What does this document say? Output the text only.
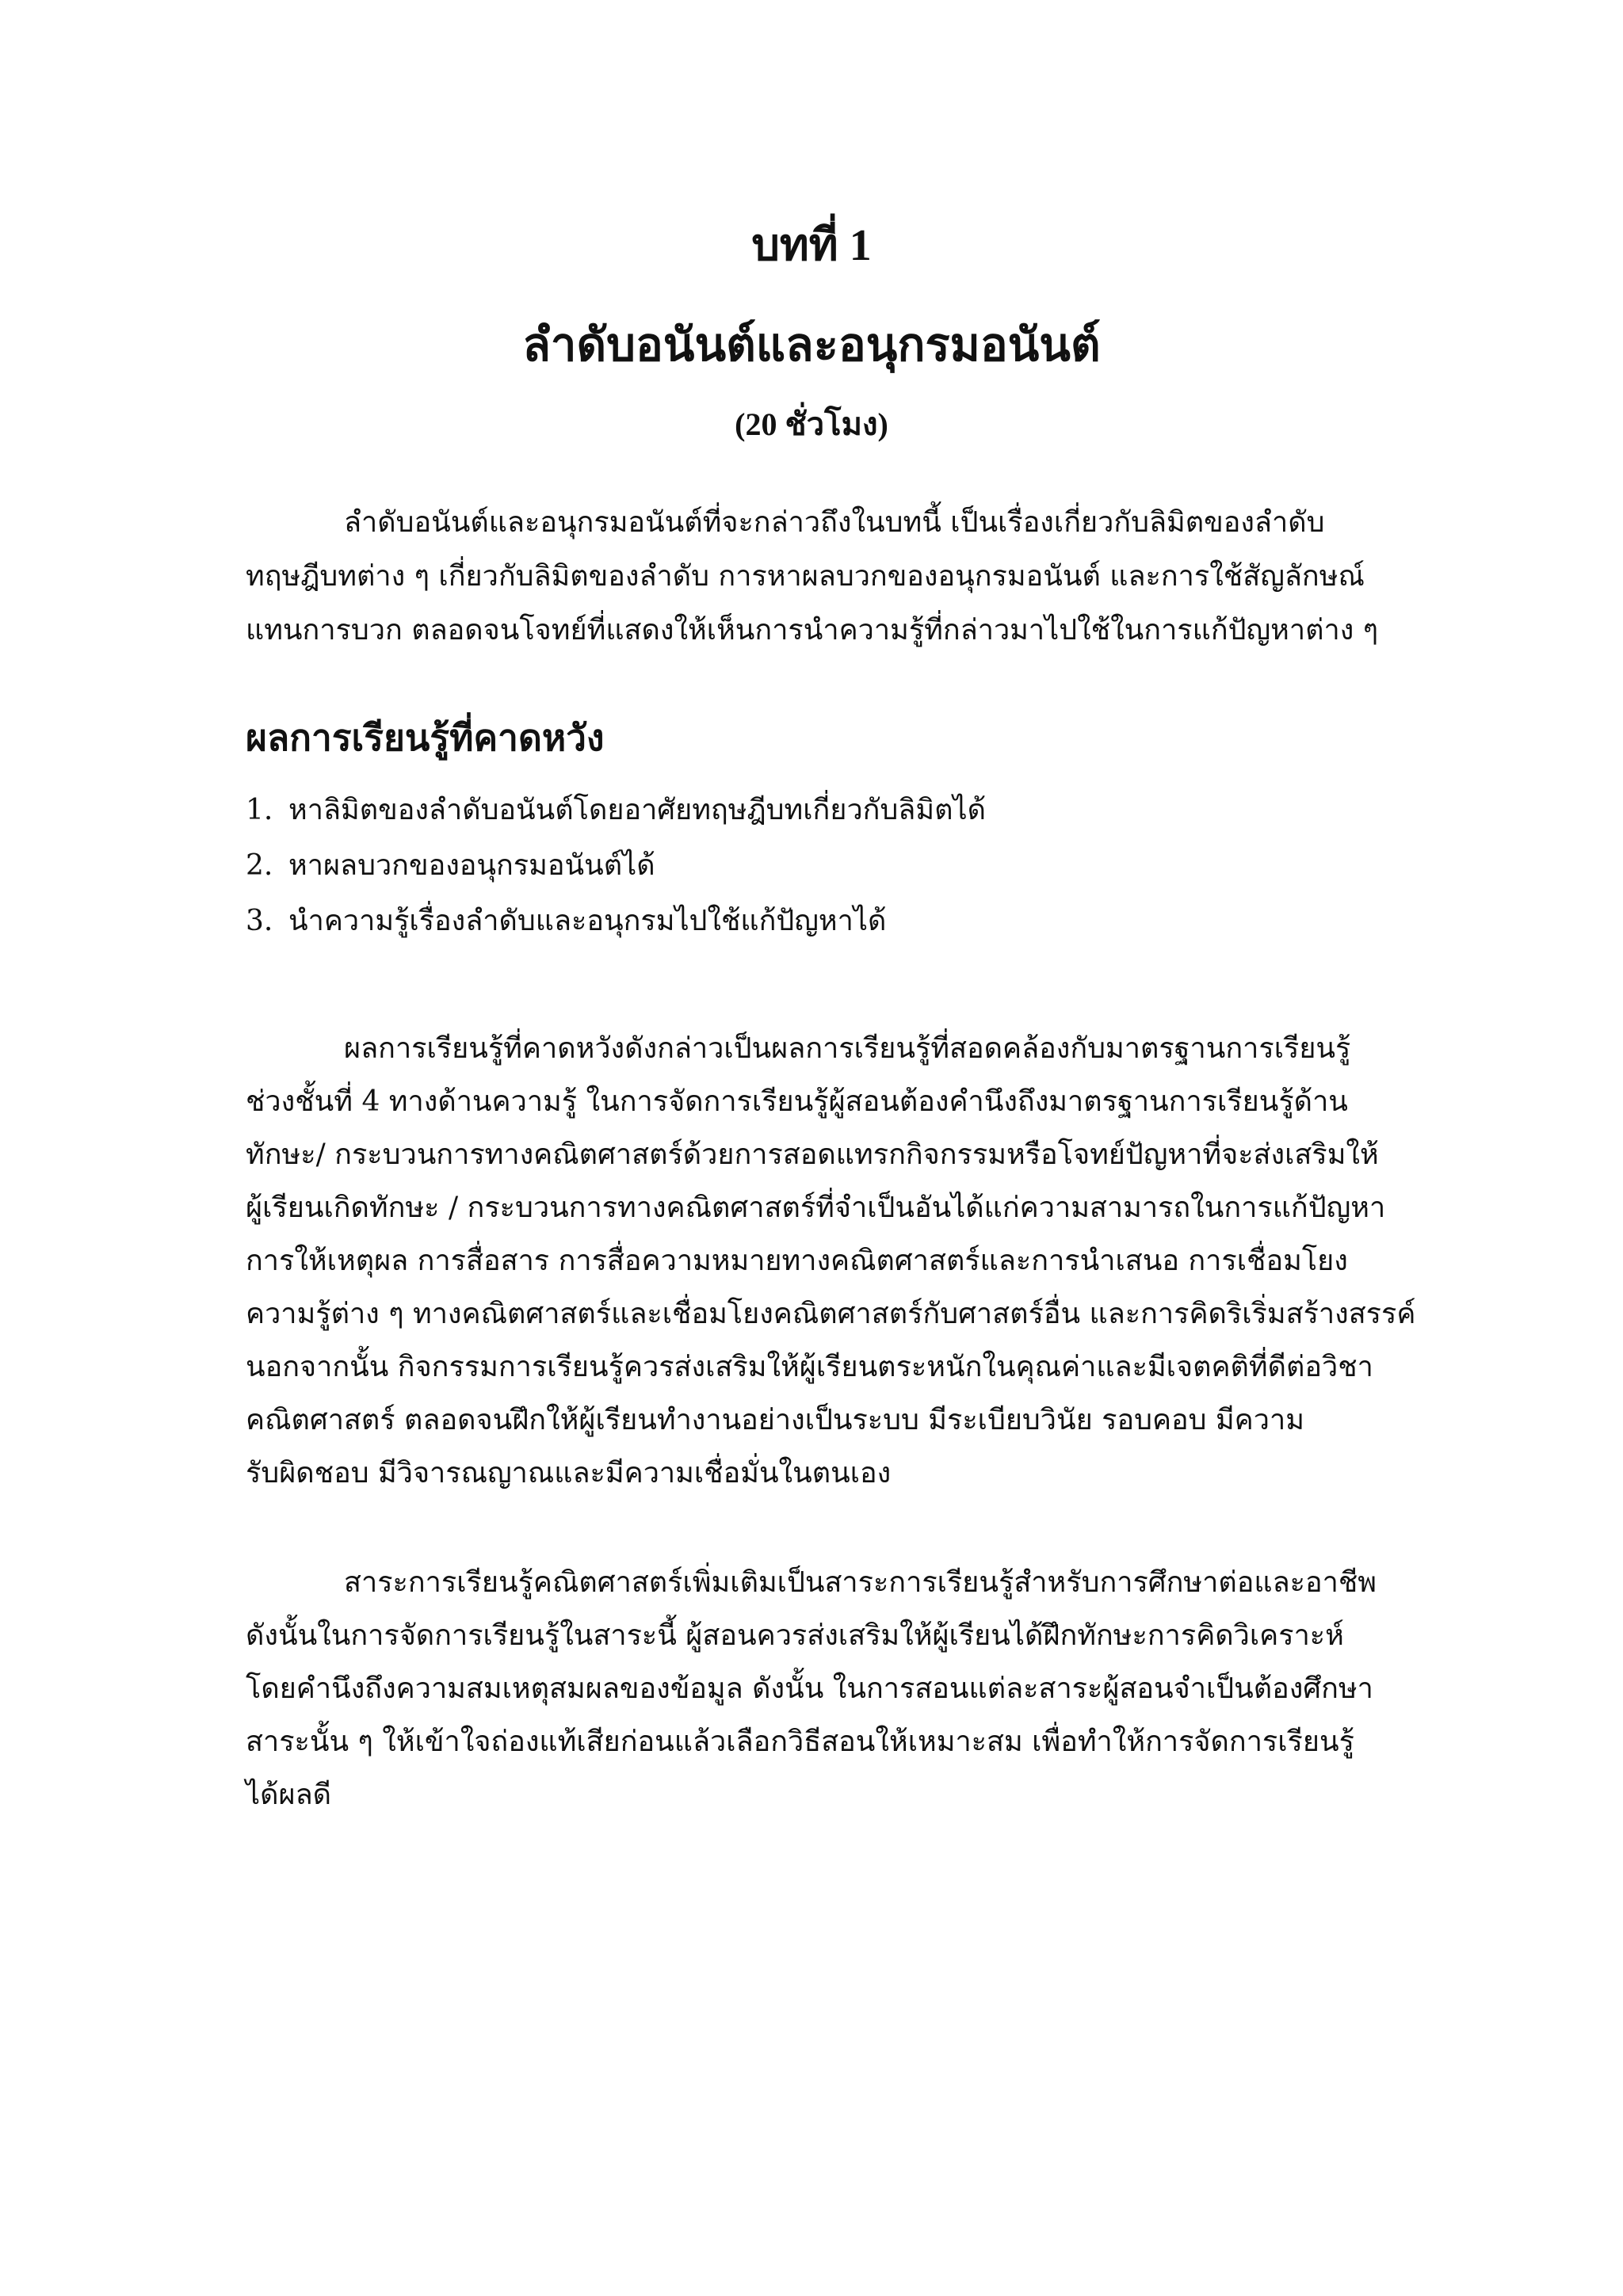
บทที่ 1
ลำดับอนันต์และอนุกรมอนันต์
(20 ชั่วโมง)
ลำดับอนันต์และอนุกรมอนันต์ที่จะกล่าวถึงในบทนี้ เป็นเรื่องเกี่ยวกับลิมิตของลำดับ
ทฤษฎีบทต่าง ๆ เกี่ยวกับลิมิตของลำดับ การหาผลบวกของอนุกรมอนันต์ และการใช้สัญลักษณ์
แทนการบวก ตลอดจนโจทย์ที่แสดงให้เห็นการนำความรู้ที่กล่าวมาไปใช้ในการแก้ปัญหาต่าง ๆ
ผลการเรียนรู้ที่คาดหวัง
1. หาลิมิตของลำดับอนันต์โดยอาศัยทฤษฎีบทเกี่ยวกับลิมิตได้
2. หาผลบวกของอนุกรมอนันต์ได้
3. นำความรู้เรื่องลำดับและอนุกรมไปใช้แก้ปัญหาได้
ผลการเรียนรู้ที่คาดหวังดังกล่าวเป็นผลการเรียนรู้ที่สอดคล้องกับมาตรฐานการเรียนรู้
ช่วงชั้นที่ 4 ทางด้านความรู้ ในการจัดการเรียนรู้ผู้สอนต้องคำนึงถึงมาตรฐานการเรียนรู้ด้าน
ทักษะ/ กระบวนการทางคณิตศาสตร์ด้วยการสอดแทรกกิจกรรมหรือโจทย์ปัญหาที่จะส่งเสริมให้
ผู้เรียนเกิดทักษะ / กระบวนการทางคณิตศาสตร์ที่จำเป็นอันได้แก่ความสามารถในการแก้ปัญหา
การให้เหตุผล การสื่อสาร การสื่อความหมายทางคณิตศาสตร์และการนำเสนอ การเชื่อมโยง
ความรู้ต่าง ๆ ทางคณิตศาสตร์และเชื่อมโยงคณิตศาสตร์กับศาสตร์อื่น และการคิดริเริ่มสร้างสรรค์
นอกจากนั้น กิจกรรมการเรียนรู้ควรส่งเสริมให้ผู้เรียนตระหนักในคุณค่าและมีเจตคติที่ดีต่อวิชา
คณิตศาสตร์ ตลอดจนฝึกให้ผู้เรียนทำงานอย่างเป็นระบบ มีระเบียบวินัย รอบคอบ มีความ
รับผิดชอบ มีวิจารณญาณและมีความเชื่อมั่นในตนเอง
สาระการเรียนรู้คณิตศาสตร์เพิ่มเติมเป็นสาระการเรียนรู้สำหรับการศึกษาต่อและอาชีพ
ดังนั้นในการจัดการเรียนรู้ในสาระนี้ ผู้สอนควรส่งเสริมให้ผู้เรียนได้ฝึกทักษะการคิดวิเคราะห์
โดยคำนึงถึงความสมเหตุสมผลของข้อมูล ดังนั้น ในการสอนแต่ละสาระผู้สอนจำเป็นต้องศึกษา
สาระนั้น ๆ ให้เข้าใจถ่องแท้เสียก่อนแล้วเลือกวิธีสอนให้เหมาะสม เพื่อทำให้การจัดการเรียนรู้
ได้ผลดี
